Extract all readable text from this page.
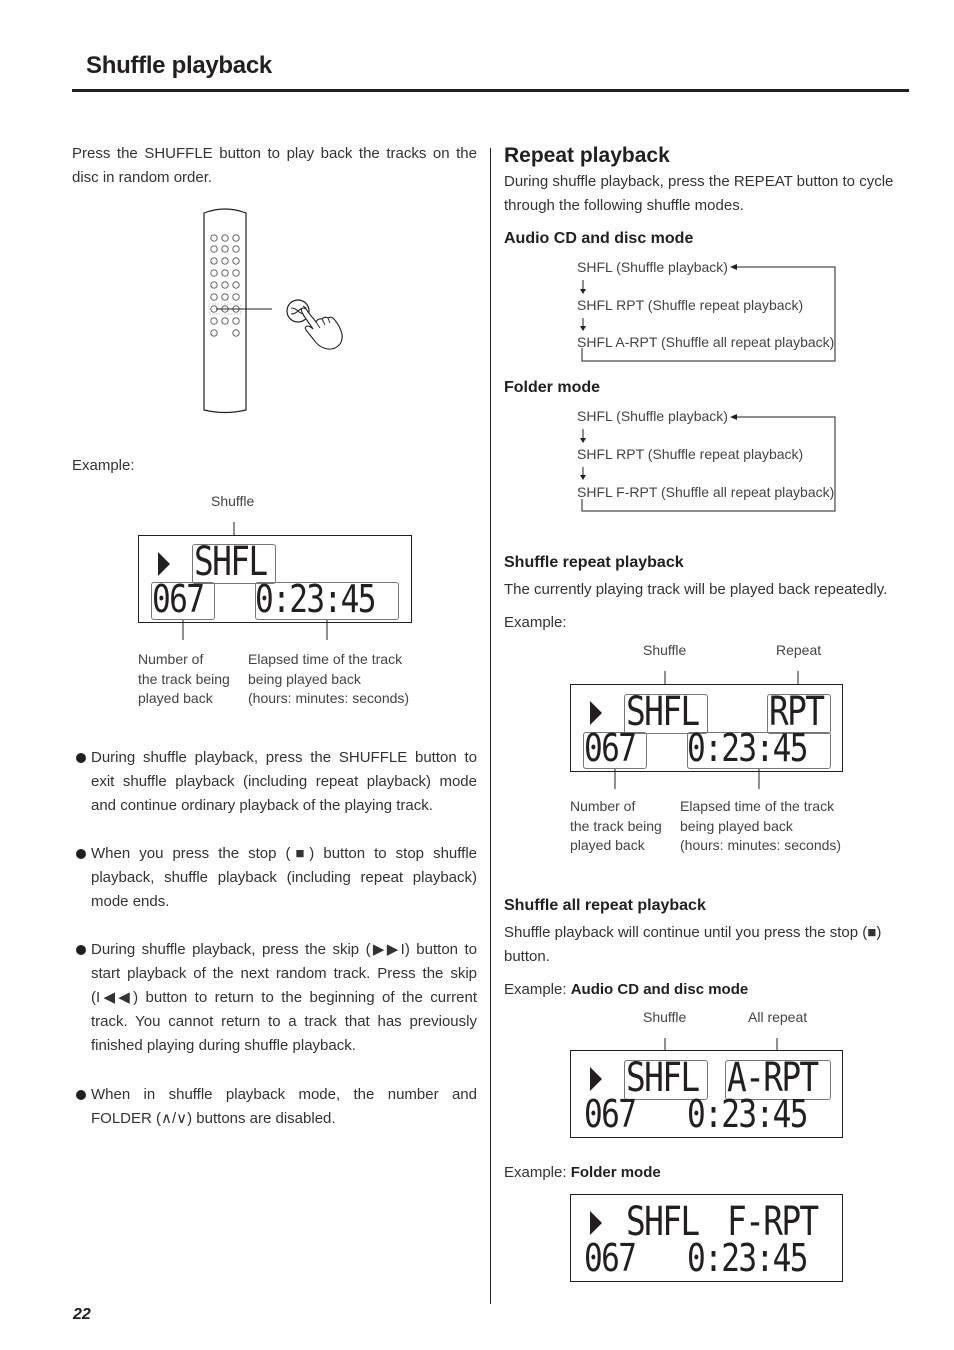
Shuffle playback
Press the SHUFFLE button to play back the tracks on the disc in random order.
Example:
Shuffle
SHFL
067 0:23:45
Number of
the track being
played back
Elapsed time of the track
being played back
(hours: minutes: seconds)
During shuffle playback, press the SHUFFLE button to exit shuffle playback (including repeat playback) mode and continue ordinary playback of the playing track.
When you press the stop (■) button to stop shuffle playback, shuffle playback (including repeat playback) mode ends.
During shuffle playback, press the skip (▶▶I) button to start playback of the next random track. Press the skip (I◀◀) button to return to the beginning of the current track. You cannot return to a track that has previously finished playing during shuffle playback.
When in shuffle playback mode, the number and FOLDER (∧/∨) buttons are disabled.
Repeat playback
During shuffle playback, press the REPEAT button to cycle through the following shuffle modes.
Audio CD and disc mode
SHFL (Shuffle playback)
SHFL RPT (Shuffle repeat playback)
SHFL A-RPT (Shuffle all repeat playback)
Folder mode
SHFL (Shuffle playback)
SHFL RPT (Shuffle repeat playback)
SHFL F-RPT (Shuffle all repeat playback)
Shuffle repeat playback
The currently playing track will be played back repeatedly.
Example:
Shuffle	Repeat
SHFL RPT
067 0:23:45
Number of
the track being
played back
Elapsed time of the track
being played back
(hours: minutes: seconds)
Shuffle all repeat playback
Shuffle playback will continue until you press the stop (■) button.
Example: Audio CD and disc mode
Shuffle	All repeat
SHFL A-RPT
067 0:23:45
Example: Folder mode
SHFL F-RPT
067 0:23:45
22
